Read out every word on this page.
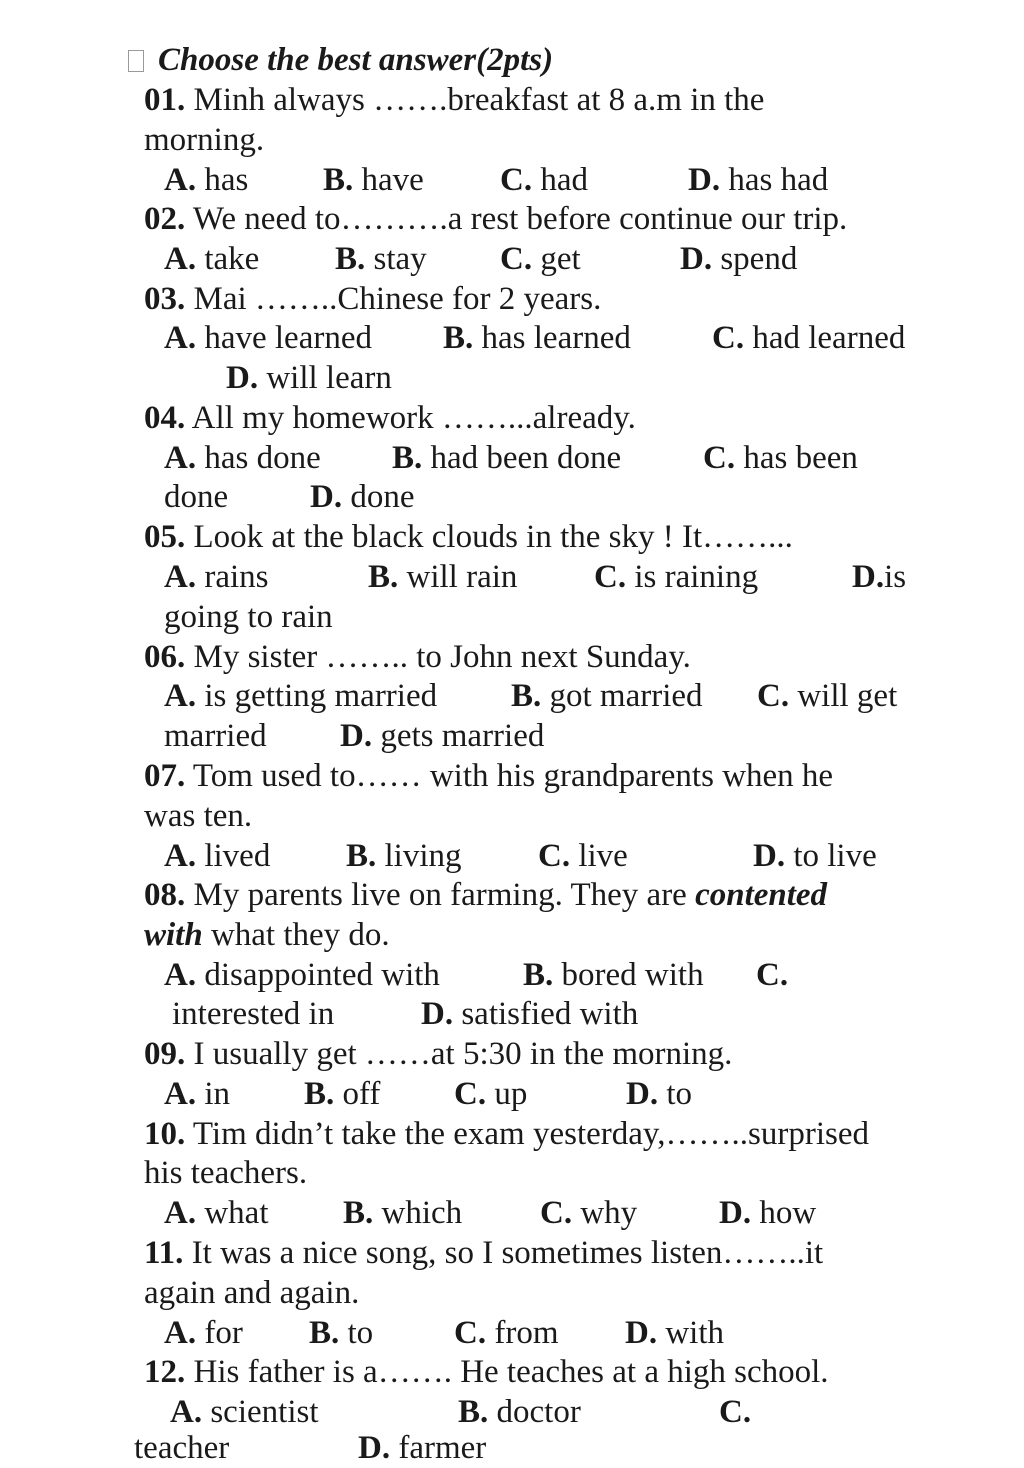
Choose the best answer(2pts)
01. Minh always …….breakfast at 8 a.m in the
morning.
A. has B. have C. had	D. has had
02. We need to……….a rest before continue our trip.
A. take B. stay C. get	D. spend
03. Mai ……..Chinese for 2 years.
A. have learned B. has learned C. had learned
D. will learn
04. All my homework ……...already.
A. has done B. had been done C. has been
done D. done
05. Look at the black clouds in the sky ! It……...
A. rains	B. will rain C. is raining	D.is
going to rain
06. My sister …….. to John next Sunday.
A. is getting married B. got married C. will get
married D. gets married
07. Tom used to…… with his grandparents when he
was ten.
A. lived B. living C. live	D. to live
08. My parents live on farming. They are contented
with what they do.
A. disappointed with	B. bored with C.
interested in	D. satisfied with
09. I usually get ……at 5:30 in the morning.
A. in B. off C. up	D. to
10. Tim didn’t take the exam yesterday,……..surprised
his teachers.
A. what B. which C. why D. how
11. It was a nice song, so I sometimes listen……..it
again and again.
A. for B. to C. from D. with
12. His father is a……. He teaches at a high school.
A. scientist	B. doctor	C.
teacher	D. farmer
